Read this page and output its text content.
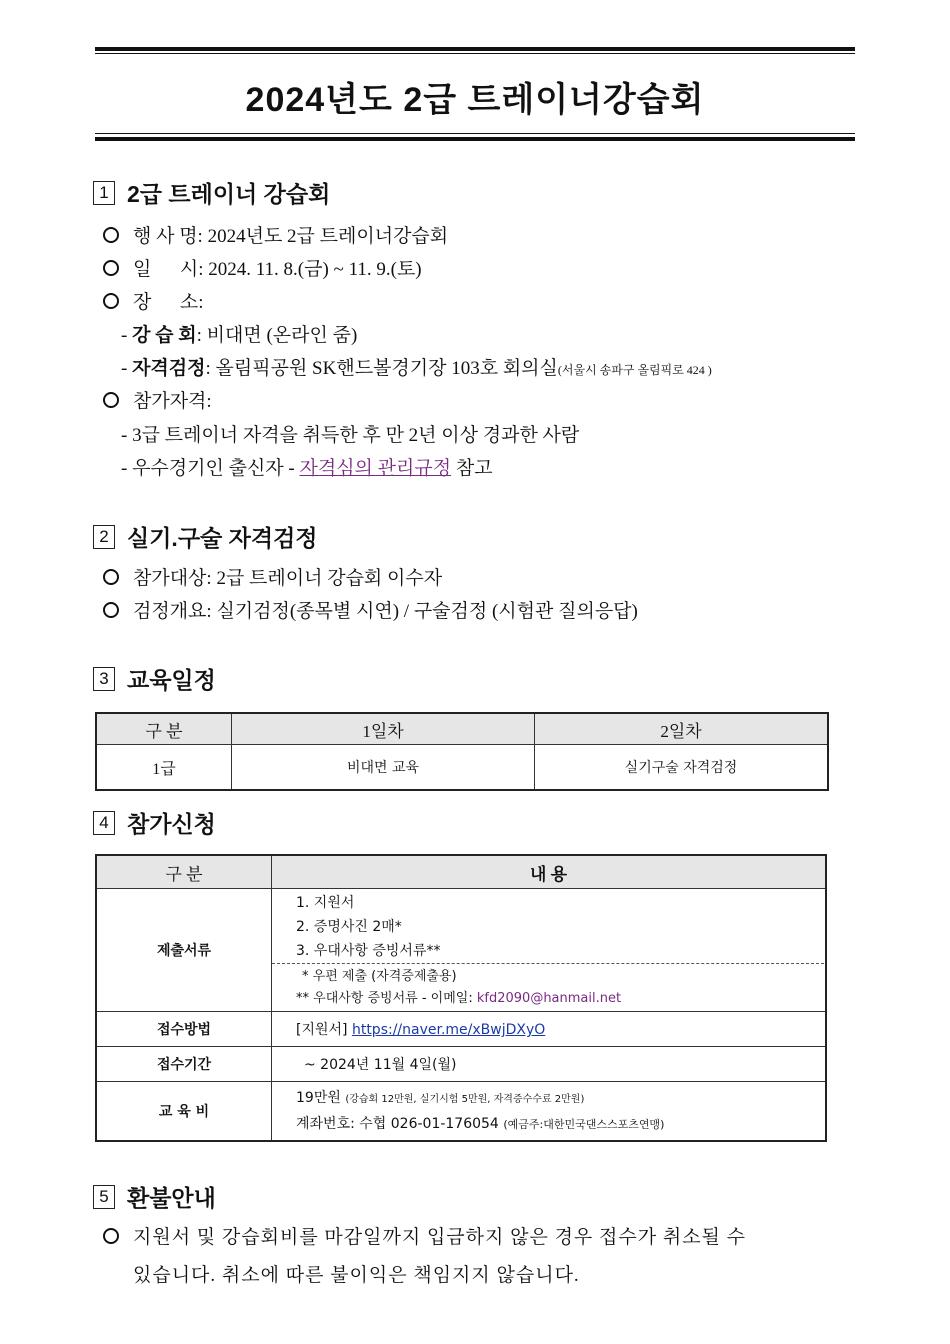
2024년도 2급 트레이너강습회
1 2급 트레이너 강습회
행 사 명: 2024년도 2급 트레이너강습회
일      시: 2024. 11. 8.(금) ~ 11. 9.(토)
장      소:
- 강 습 회: 비대면 (온라인 줌)
- 자격검정: 올림픽공원 SK핸드볼경기장 103호 회의실(서울시 송파구 올림픽로 424 )
참가자격:
- 3급 트레이너 자격을 취득한 후 만 2년 이상 경과한 사람
- 우수경기인 출신자 - 자격심의 관리규정 참고
2 실기.구술 자격검정
참가대상: 2급 트레이너 강습회 이수자
검정개요: 실기검정(종목별 시연) / 구술검정 (시험관 질의응답)
3 교육일정
구 분	1일차	2일차
1급	비대면 교육	실기구술 자격검정
4 참가신청
구 분	내 용
제출서류	1. 지원서
2. 증명사진 2매*
3. 우대사항 증빙서류**
* 우편 제출 (자격증제출용)
** 우대사항 증빙서류 - 이메일: kfd2090@hanmail.net

접수방법	[지원서] https://naver.me/xBwjDXyO
접수기간	~ 2024년 11월 4일(월)
교 육 비	19만원 (강습회 12만원, 실기시험 5만원, 자격증수수료 2만원)
계좌번호: 수협 026-01-176054 (예금주:대한민국댄스스포츠연맹)
5 환불안내
지원서 및 강습회비를 마감일까지 입금하지 않은 경우 접수가 취소될 수
있습니다. 취소에 따른 불이익은 책임지지 않습니다.
